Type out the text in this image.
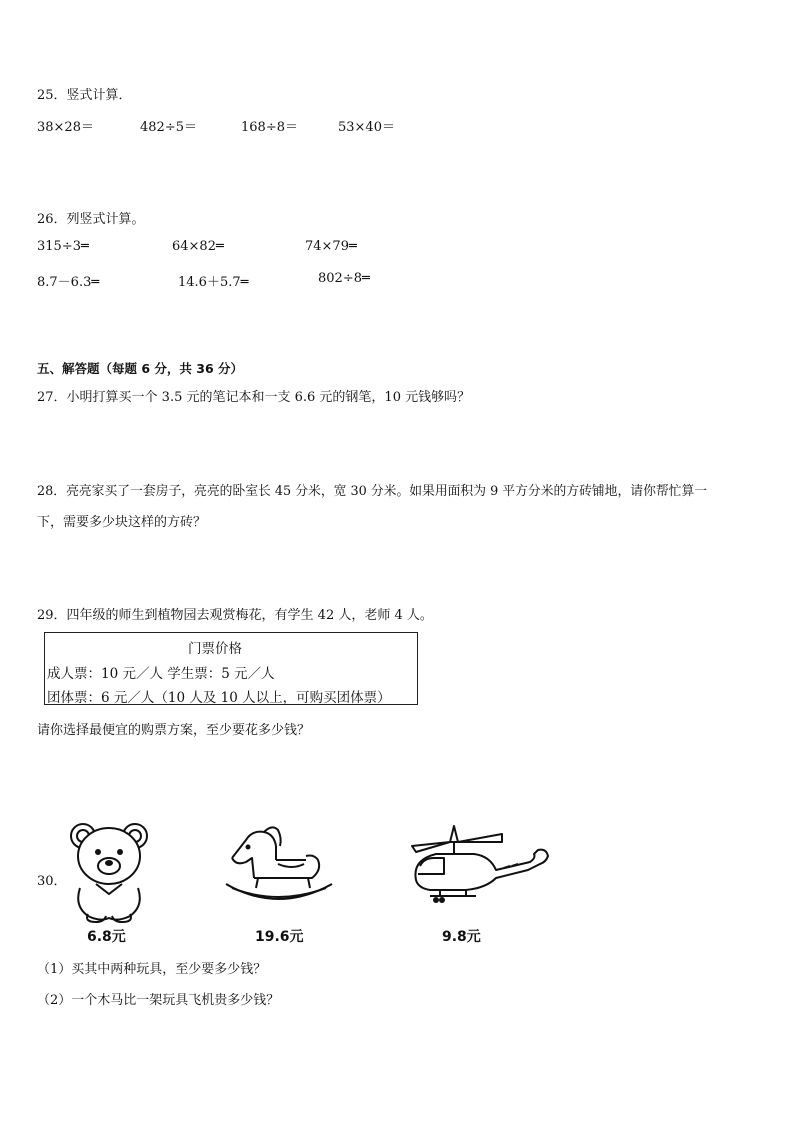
25．竖式计算．
38×28＝	482÷5＝	168÷8＝	53×40＝
26．列竖式计算。
315÷3═	64×82═	74×79═
8.7－6.3═	14.6＋5.7═	802÷8═
五、解答题（每题 6 分，共 36 分）
27．小明打算买一个 3.5 元的笔记本和一支 6.6 元的钢笔，10 元钱够吗？
28．亮亮家买了一套房子，亮亮的卧室长 45 分米，宽 30 分米。如果用面积为 9 平方分米的方砖铺地，请你帮忙算一
下，需要多少块这样的方砖？
29．四年级的师生到植物园去观赏梅花，有学生 42 人，老师 4 人。
门票价格
成人票：10 元／人 学生票：5 元／人
团体票：6 元／人（10 人及 10 人以上，可购买团体票）
请你选择最便宜的购票方案，至少要花多少钱？
30．
6.8元	19.6元	9.8元
（1）买其中两种玩具，至少要多少钱？
（2）一个木马比一架玩具飞机贵多少钱？
